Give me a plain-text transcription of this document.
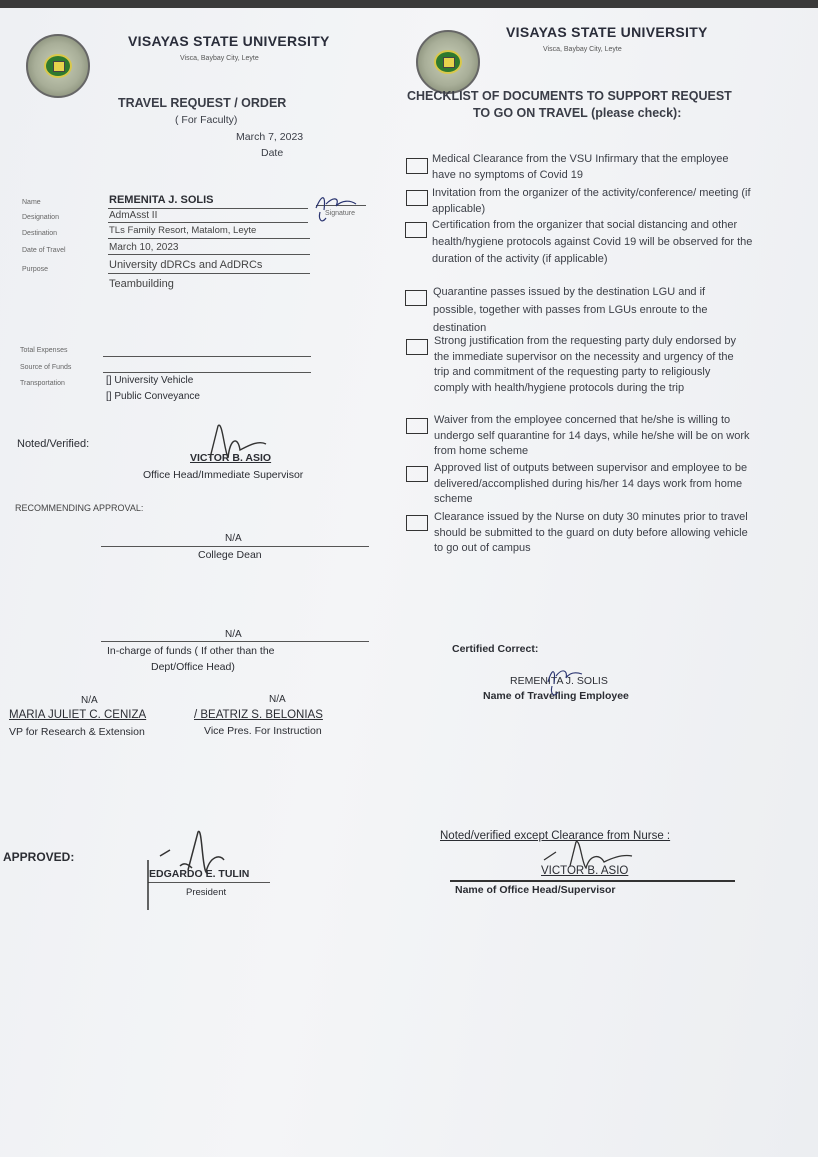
VISAYAS STATE UNIVERSITY
Visca, Baybay City, Leyte
VISAYAS STATE UNIVERSITY
Visca, Baybay City, Leyte
TRAVEL REQUEST / ORDER
( For Faculty)
March 7, 2023
Date
Name	REMENITA J. SOLIS
Signature
Designation	AdmAsst II
Destination	TLs Family Resort, Matalom, Leyte
Date of Travel	March 10, 2023
Purpose	University dDRCs and AdDRCs
Teambuilding
Total Expenses
Source of Funds
Transportation	[] University Vehicle
[] Public Conveyance
Noted/Verified:
VICTOR B. ASIO
Office Head/Immediate Supervisor
RECOMMENDING APPROVAL:
N/A
College Dean
N/A
In-charge of funds ( If other than the
Dept/Office Head)
N/A
MARIA JULIET C. CENIZA
VP for Research & Extension
N/A
/ BEATRIZ S. BELONIAS
Vice Pres. For Instruction
APPROVED:
EDGARDO E. TULIN
President
CHECKLIST OF DOCUMENTS TO SUPPORT REQUEST
TO GO ON TRAVEL (please check):
Medical Clearance from the VSU Infirmary that the employee have no symptoms of Covid 19
Invitation from the organizer of the activity/conference/ meeting (if applicable)
Certification from the organizer that social distancing and other health/hygiene protocols against Covid 19 will be observed for the duration of the activity (if applicable)
Quarantine passes issued by the destination LGU and if possible, together with passes from LGUs enroute to the destination
Strong justification from the requesting party duly endorsed by the immediate supervisor on the necessity and urgency of the trip and commitment of the requesting party to religiously comply with health/hygiene protocols during the trip
Waiver from the employee concerned that he/she is willing to undergo self quarantine for 14 days, while he/she will be on work from home scheme
Approved list of outputs between supervisor and employee to be delivered/accomplished during his/her 14 days work from home scheme
Clearance issued by the Nurse on duty 30 minutes prior to travel should be submitted to the guard on duty before allowing vehicle to go out of campus
Certified Correct:
REMENITA J. SOLIS
Name of Travelling Employee
Noted/verified except Clearance from Nurse :
VICTOR B. ASIO
Name of Office Head/Supervisor
